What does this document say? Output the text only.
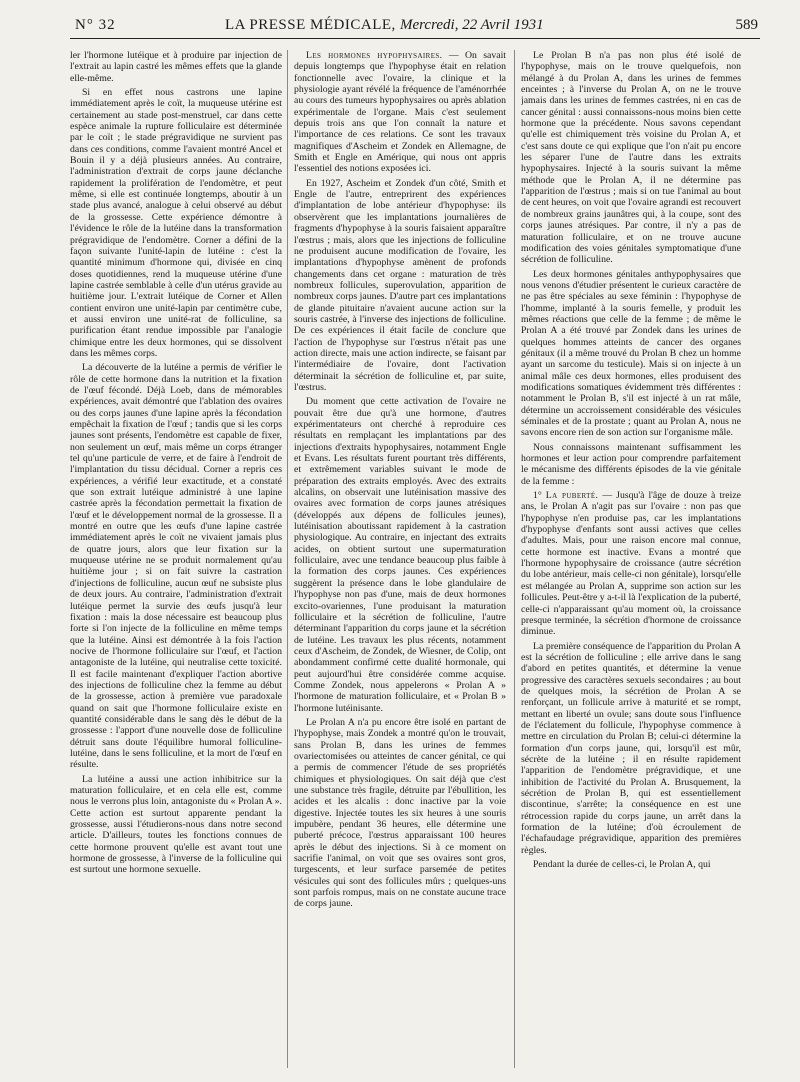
N° 32	LA PRESSE MÉDICALE, Mercredi, 22 Avril 1931	589

ler l'hormone lutéique et à produire par injection de l'extrait au lapin castré les mêmes effets que la glande elle-même.

Si en effet nous castrons une lapine immédiatement après le coït, la muqueuse utérine est certainement au stade post-menstruel, car dans cette espèce animale la rupture folliculaire est déterminée par le coït ; le stade prégravidique ne survient pas dans ces conditions, comme l'avaient montré Ancel et Bouin il y a déjà plusieurs années. Au contraire, l'administration d'extrait de corps jaune déclanche rapidement la prolifération de l'endomètre, et peut même, si elle est continuée longtemps, aboutir à un stade plus avancé, analogue à celui observé au début de la grossesse. Cette expérience démontre à l'évidence le rôle de la lutéine dans la transformation prégravidique de l'endomètre. Corner a défini de la façon suivante l'unité-lapin de lutéine : c'est la quantité minimum d'hormone qui, divisée en cinq doses quotidiennes, rend la muqueuse utérine d'une lapine castrée semblable à celle d'un utérus gravide au huitième jour. L'extrait lutéique de Corner et Allen contient environ une unité-lapin par centimètre cube, et aussi environ une unité-rat de folliculine, sa purification étant rendue impossible par l'analogie chimique entre les deux hormones, qui se dissolvent dans les mêmes corps.

La découverte de la lutéine a permis de vérifier le rôle de cette hormone dans la nutrition et la fixation de l'œuf fécondé. Déjà Loeb, dans de mémorables expériences, avait démontré que l'ablation des ovaires ou des corps jaunes d'une lapine après la fécondation empêchait la fixation de l'œuf ; tandis que si les corps jaunes sont présents, l'endomètre est capable de fixer, non seulement un œuf, mais même un corps étranger tel qu'une particule de verre, et de faire à l'endroit de l'implantation du tissu décidual. Corner a repris ces expériences, a vérifié leur exactitude, et a constaté que son extrait lutéique administré à une lapine castrée après la fécondation permettait la fixation de l'œuf et le développement normal de la grossesse. Il a montré en outre que les œufs d'une lapine castrée immédiatement après le coït ne vivaient jamais plus de quatre jours, alors que leur fixation sur la muqueuse utérine ne se produit normalement qu'au huitième jour ; si on fait suivre la castration d'injections de folliculine, aucun œuf ne subsiste plus de deux jours. Au contraire, l'administration d'extrait lutéique permet la survie des œufs jusqu'à leur fixation : mais la dose nécessaire est beaucoup plus forte si l'on injecte de la folliculine en même temps que la lutéine. Ainsi est démontrée à la fois l'action nocive de l'hormone folliculaire sur l'œuf, et l'action antagoniste de la lutéine, qui neutralise cette toxicité. Il est facile maintenant d'expliquer l'action abortive des injections de folliculine chez la femme au début de la grossesse, action à première vue paradoxale quand on sait que l'hormone folliculaire existe en quantité considérable dans le sang dès le début de la grossesse : l'apport d'une nouvelle dose de folliculine détruit sans doute l'équilibre humoral folliculine-lutéine, dans le sens folliculine, et la mort de l'œuf en résulte.

La lutéine a aussi une action inhibitrice sur la maturation folliculaire, et en cela elle est, comme nous le verrons plus loin, antagoniste du « Prolan A ». Cette action est surtout apparente pendant la grossesse, aussi l'étudierons-nous dans notre second article. D'ailleurs, toutes les fonctions connues de cette hormone prouvent qu'elle est avant tout une hormone de grossesse, à l'inverse de la folliculine qui est surtout une hormone sexuelle.

Les hormones hypophysaires. — On savait depuis longtemps que l'hypophyse était en relation fonctionnelle avec l'ovaire, la clinique et la physiologie ayant révélé la fréquence de l'aménorrhée au cours des tumeurs hypophysaires ou après ablation expérimentale de l'organe. Mais c'est seulement depuis trois ans que l'on connaît la nature et l'importance de ces relations. Ce sont les travaux magnifiques d'Ascheim et Zondek en Allemagne, de Smith et Engle en Amérique, qui nous ont appris l'essentiel des notions exposées ici.

En 1927, Ascheim et Zondek d'un côté, Smith et Engle de l'autre, entreprirent des expériences d'implantation de lobe antérieur d'hypophyse: ils observèrent que les implantations journalières de fragments d'hypophyse à la souris faisaient apparaître l'œstrus ; mais, alors que les injections de folliculine ne produisent aucune modification de l'ovaire, les implantations d'hypophyse amènent de profonds changements dans cet organe : maturation de très nombreux follicules, superovulation, apparition de nombreux corps jaunes. D'autre part ces implantations de glande pituitaire n'avaient aucune action sur la souris castrée, à l'inverse des injections de folliculine. De ces expériences il était facile de conclure que l'action de l'hypophyse sur l'œstrus n'était pas une action directe, mais une action indirecte, se faisant par l'intermédiaire de l'ovaire, dont l'activation déterminait la sécrétion de folliculine et, par suite, l'œstrus.

Du moment que cette activation de l'ovaire ne pouvait être due qu'à une hormone, d'autres expérimentateurs ont cherché à reproduire ces résultats en remplaçant les implantations par des injections d'extraits hypophysaires, notamment Engle et Evans. Les résultats furent pourtant très différents, et extrêmement variables suivant le mode de préparation des extraits employés. Avec des extraits alcalins, on observait une lutéinisation massive des ovaires avec formation de corps jaunes atrésiques (développés aux dépens de follicules jeunes), lutéinisation aboutissant rapidement à la castration physiologique. Au contraire, en injectant des extraits acides, on obtient surtout une supermaturation folliculaire, avec une tendance beaucoup plus faible à la formation des corps jaunes. Ces expériences suggèrent la présence dans le lobe glandulaire de l'hypophyse non pas d'une, mais de deux hormones excito-ovariennes, l'une produisant la maturation folliculaire et la sécrétion de folliculine, l'autre déterminant l'apparition du corps jaune et la sécrétion de lutéine. Les travaux les plus récents, notamment ceux d'Ascheim, de Zondek, de Wiesner, de Colip, ont abondamment confirmé cette dualité hormonale, qui peut aujourd'hui être considérée comme acquise. Comme Zondek, nous appelerons « Prolan A » l'hormone de maturation folliculaire, et « Prolan B » l'hormone lutéinisante.

Le Prolan A n'a pu encore être isolé en partant de l'hypophyse, mais Zondek a montré qu'on le trouvait, sans Prolan B, dans les urines de femmes ovariectomisées ou atteintes de cancer génital, ce qui a permis de commencer l'étude de ses propriétés chimiques et physiologiques. On sait déjà que c'est une substance très fragile, détruite par l'ébullition, les acides et les alcalis : donc inactive par la voie digestive. Injectée toutes les six heures à une souris impubère, pendant 36 heures, elle détermine une puberté précoce, l'œstrus apparaissant 100 heures après le début des injections. Si à ce moment on sacrifie l'animal, on voit que ses ovaires sont gros, turgescents, et leur surface parsemée de petites vésicules qui sont des follicules mûrs ; quelques-uns sont parfois rompus, mais on ne constate aucune trace de corps jaune.

Le Prolan B n'a pas non plus été isolé de l'hypophyse, mais on le trouve quelquefois, non mélangé à du Prolan A, dans les urines de femmes enceintes ; à l'inverse du Prolan A, on ne le trouve jamais dans les urines de femmes castrées, ni en cas de cancer génital : aussi connaissons-nous moins bien cette hormone que la précédente. Nous savons cependant qu'elle est chimiquement très voisine du Prolan A, et c'est sans doute ce qui explique que l'on n'ait pu encore les séparer l'une de l'autre dans les extraits hypophysaires. Injecté à la souris suivant la même méthode que le Prolan A, il ne détermine pas l'apparition de l'œstrus ; mais si on tue l'animal au bout de cent heures, on voit que l'ovaire agrandi est recouvert de nombreux grains jaunâtres qui, à la coupe, sont des corps jaunes atrésiques. Par contre, il n'y a pas de maturation folliculaire, et on ne trouve aucune modification des voies génitales symptomatique d'une sécrétion de folliculine.

Les deux hormones génitales anthypophysaires que nous venons d'étudier présentent le curieux caractère de ne pas être spéciales au sexe féminin : l'hypophyse de l'homme, implanté à la souris femelle, y produit les mêmes réactions que celle de la femme ; de même le Prolan A a été trouvé par Zondek dans les urines de quelques hommes atteints de cancer des organes génitaux (il a même trouvé du Prolan B chez un homme ayant un sarcome du testicule). Mais si on injecte à un animal mâle ces deux hormones, elles produisent des modifications somatiques évidemment très différentes : notamment le Prolan B, s'il est injecté à un rat mâle, détermine un accroissement considérable des vésicules séminales et de la prostate ; quant au Prolan A, nous ne savons encore rien de son action sur l'organisme mâle.

Nous connaissons maintenant suffisamment les hormones et leur action pour comprendre parfaitement le mécanisme des différents épisodes de la vie génitale de la femme :

1° La puberté. — Jusqu'à l'âge de douze à treize ans, le Prolan A n'agit pas sur l'ovaire : non pas que l'hypophyse n'en produise pas, car les implantations d'hypophyse d'enfants sont aussi actives que celles d'adultes. Mais, pour une raison encore mal connue, cette hormone est inactive. Evans a montré que l'hormone hypophysaire de croissance (autre sécrétion du lobe antérieur, mais celle-ci non génitale), lorsqu'elle est mélangée au Prolan A, supprime son action sur les follicules. Peut-être y a-t-il là l'explication de la puberté, celle-ci n'apparaissant qu'au moment où, la croissance presque terminée, la sécrétion d'hormone de croissance diminue.

La première conséquence de l'apparition du Prolan A est la sécrétion de folliculine ; elle arrive dans le sang d'abord en petites quantités, et détermine la venue progressive des caractères sexuels secondaires ; au bout de quelques mois, la sécrétion de Prolan A se renforçant, un follicule arrive à maturité et se rompt, mettant en liberté un ovule; sans doute sous l'influence de l'éclatement du follicule, l'hypophyse commence à mettre en circulation du Prolan B; celui-ci détermine la formation d'un corps jaune, qui, lorsqu'il est mûr, sécrète de la lutéine ; il en résulte rapidement l'apparition de l'endomètre prégravidique, et une inhibition de l'activité du Prolan A. Brusquement, la sécrétion de Prolan B, qui est essentiellement discontinue, s'arrête; la conséquence en est une rétrocession rapide du corps jaune, un arrêt dans la formation de la lutéine; d'où écroulement de l'échafaudage prégravidique, apparition des premières règles.

Pendant la durée de celles-ci, le Prolan A, qui
